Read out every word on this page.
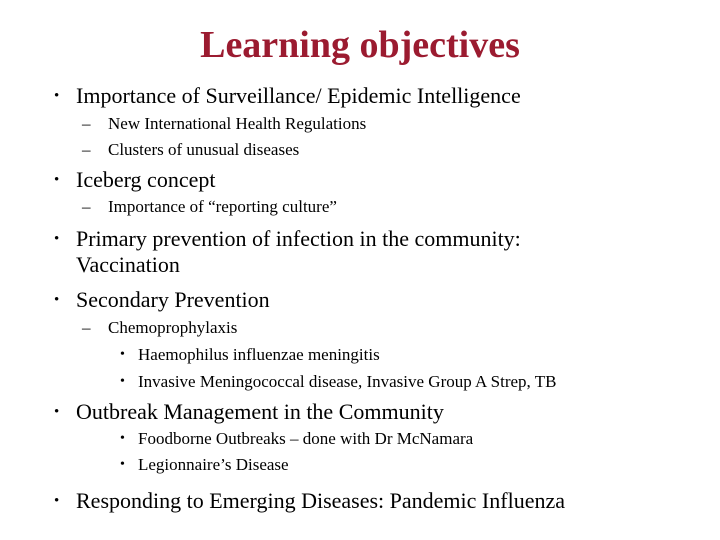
Learning objectives
• Importance of Surveillance/ Epidemic Intelligence
– New International Health Regulations
– Clusters of unusual diseases
• Iceberg concept
– Importance of “reporting culture”
• Primary prevention of infection in the community:
Vaccination
• Secondary Prevention
– Chemoprophylaxis
• Haemophilus influenzae meningitis
• Invasive Meningococcal disease, Invasive Group A Strep, TB
• Outbreak Management in the Community
• Foodborne Outbreaks – done with Dr McNamara
• Legionnaire’s Disease
• Responding to Emerging Diseases: Pandemic Influenza
